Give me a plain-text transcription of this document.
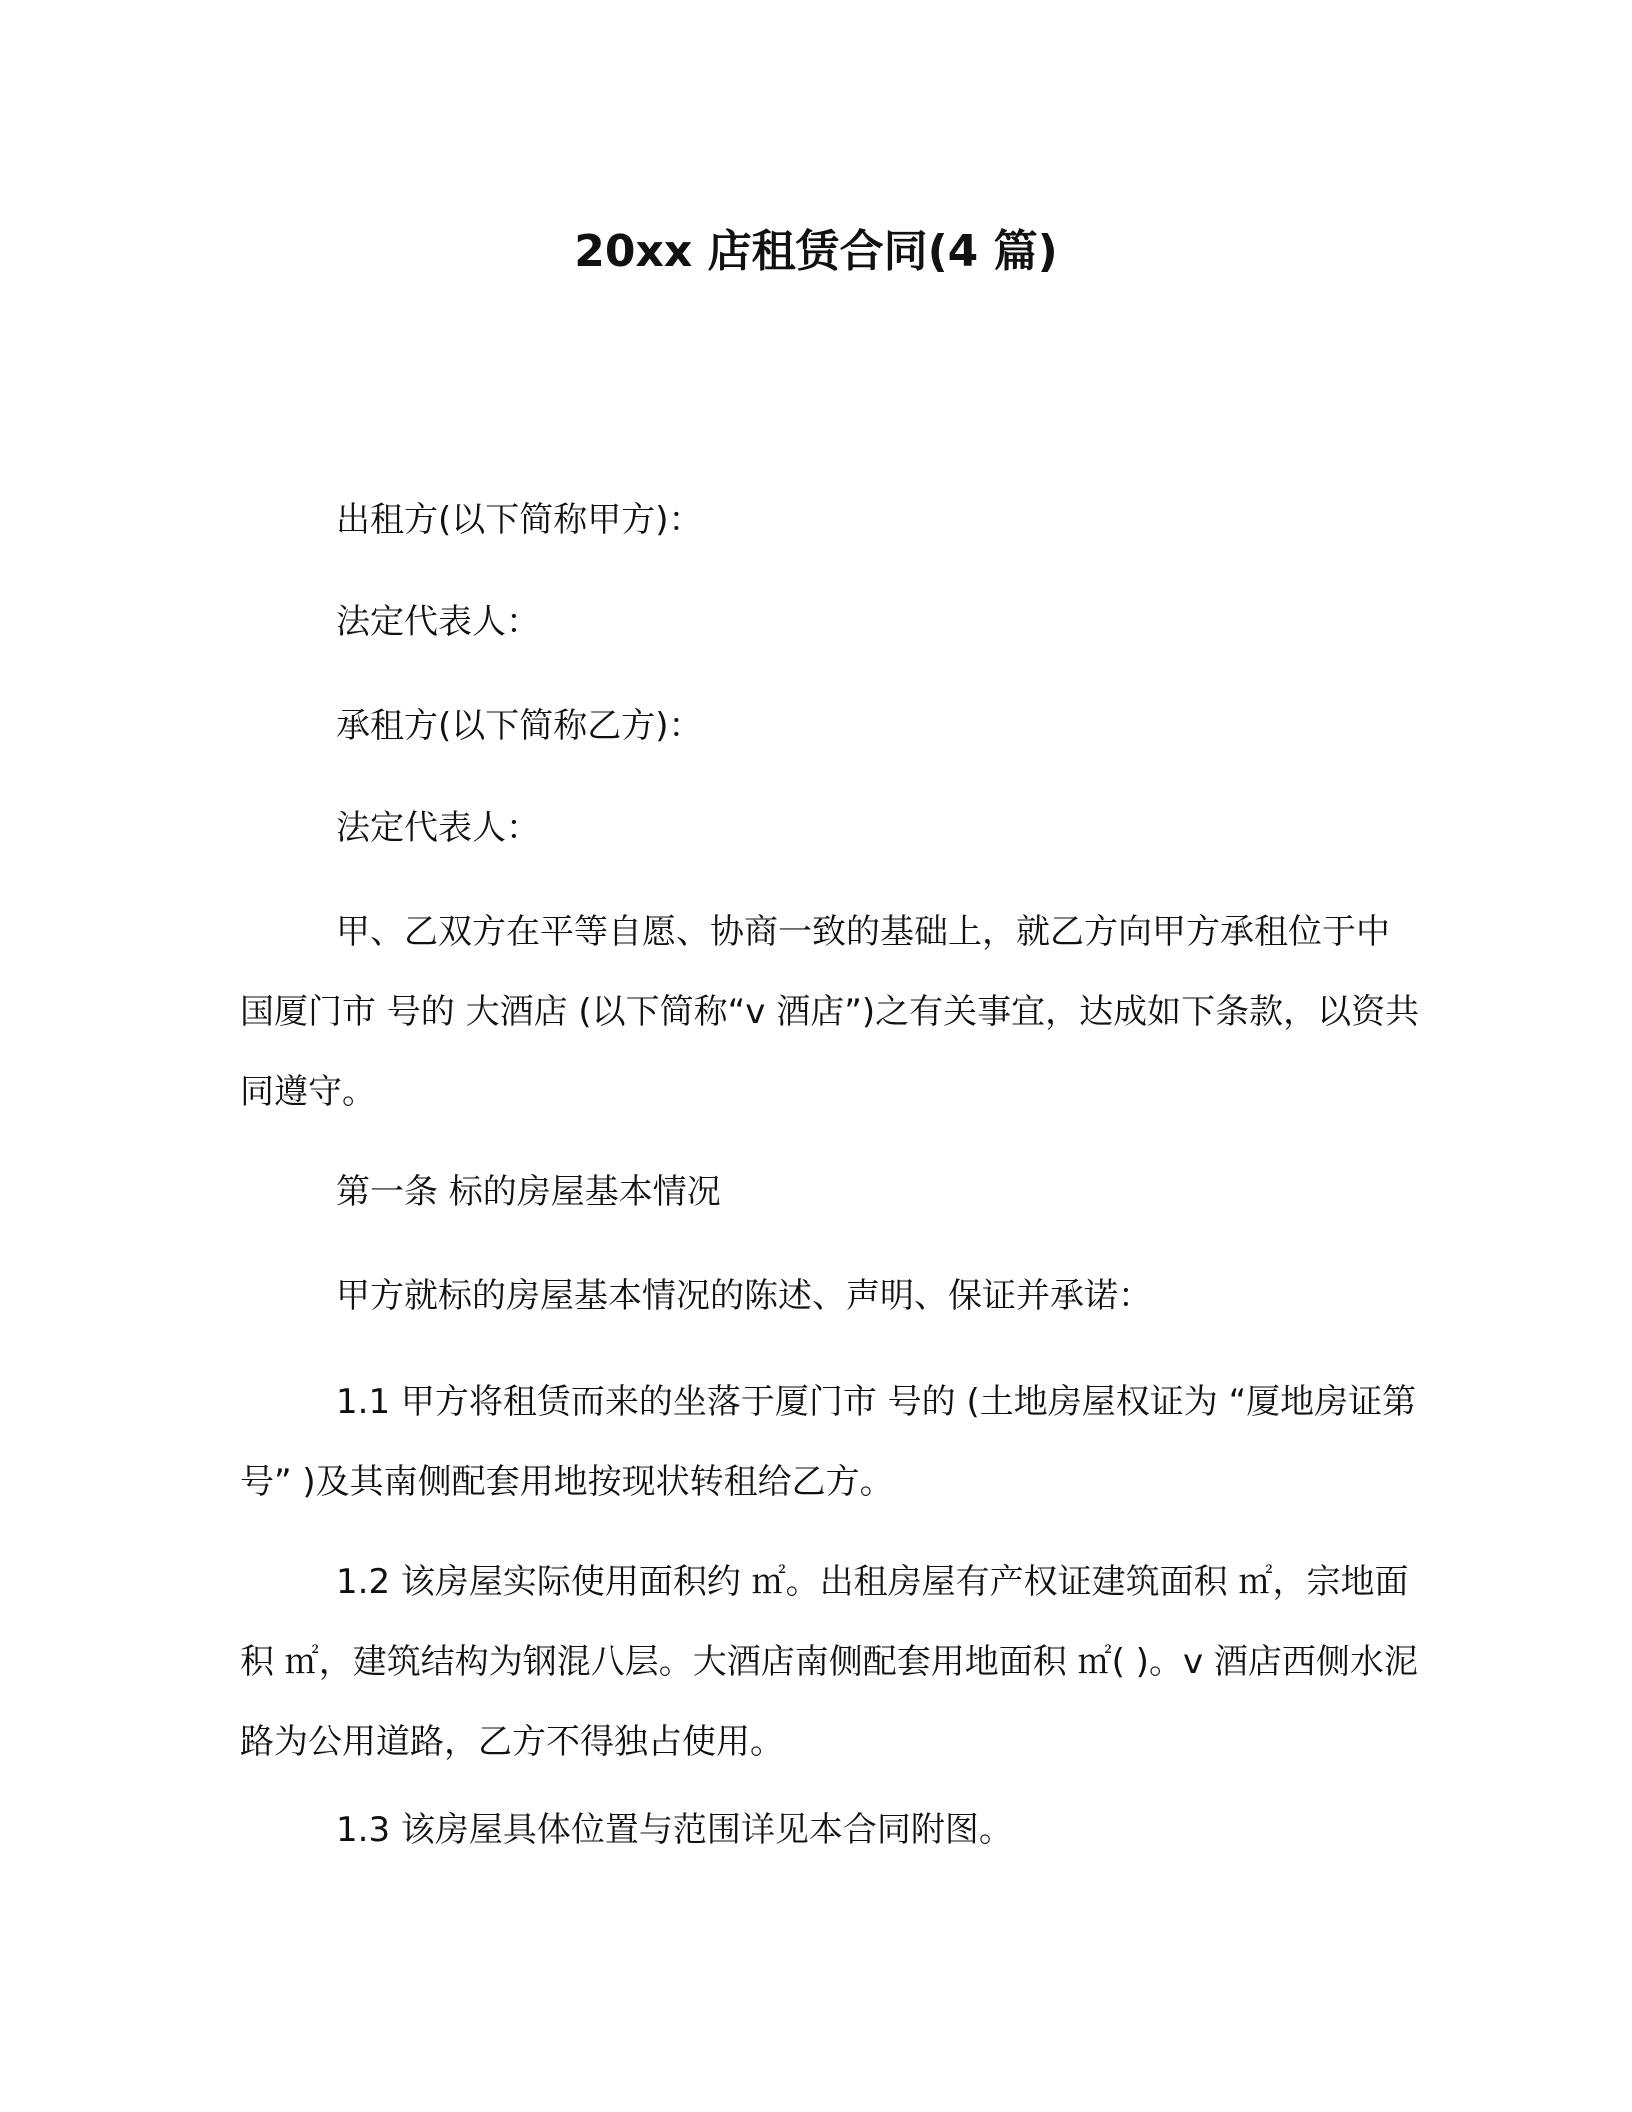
20xx 店租赁合同(4 篇)
出租方(以下简称甲方)：
法定代表人：
承租方(以下简称乙方)：
法定代表人：

甲、乙双方在平等自愿、协商一致的基础上，就乙方向甲方承租位于中国厦门市 号的 大酒店 (以下简称“v 酒店”)之有关事宜，达成如下条款，以资共同遵守。

第一条 标的房屋基本情况
甲方就标的房屋基本情况的陈述、声明、保证并承诺：

1.1 甲方将租赁而来的坐落于厦门市 号的 (土地房屋权证为 “厦地房证第 号” )及其南侧配套用地按现状转租给乙方。

1.2 该房屋实际使用面积约 ㎡。出租房屋有产权证建筑面积 ㎡，宗地面积 ㎡，建筑结构为钢混八层。大酒店南侧配套用地面积 ㎡( )。v 酒店西侧水泥路为公用道路，乙方不得独占使用。

1.3 该房屋具体位置与范围详见本合同附图。
